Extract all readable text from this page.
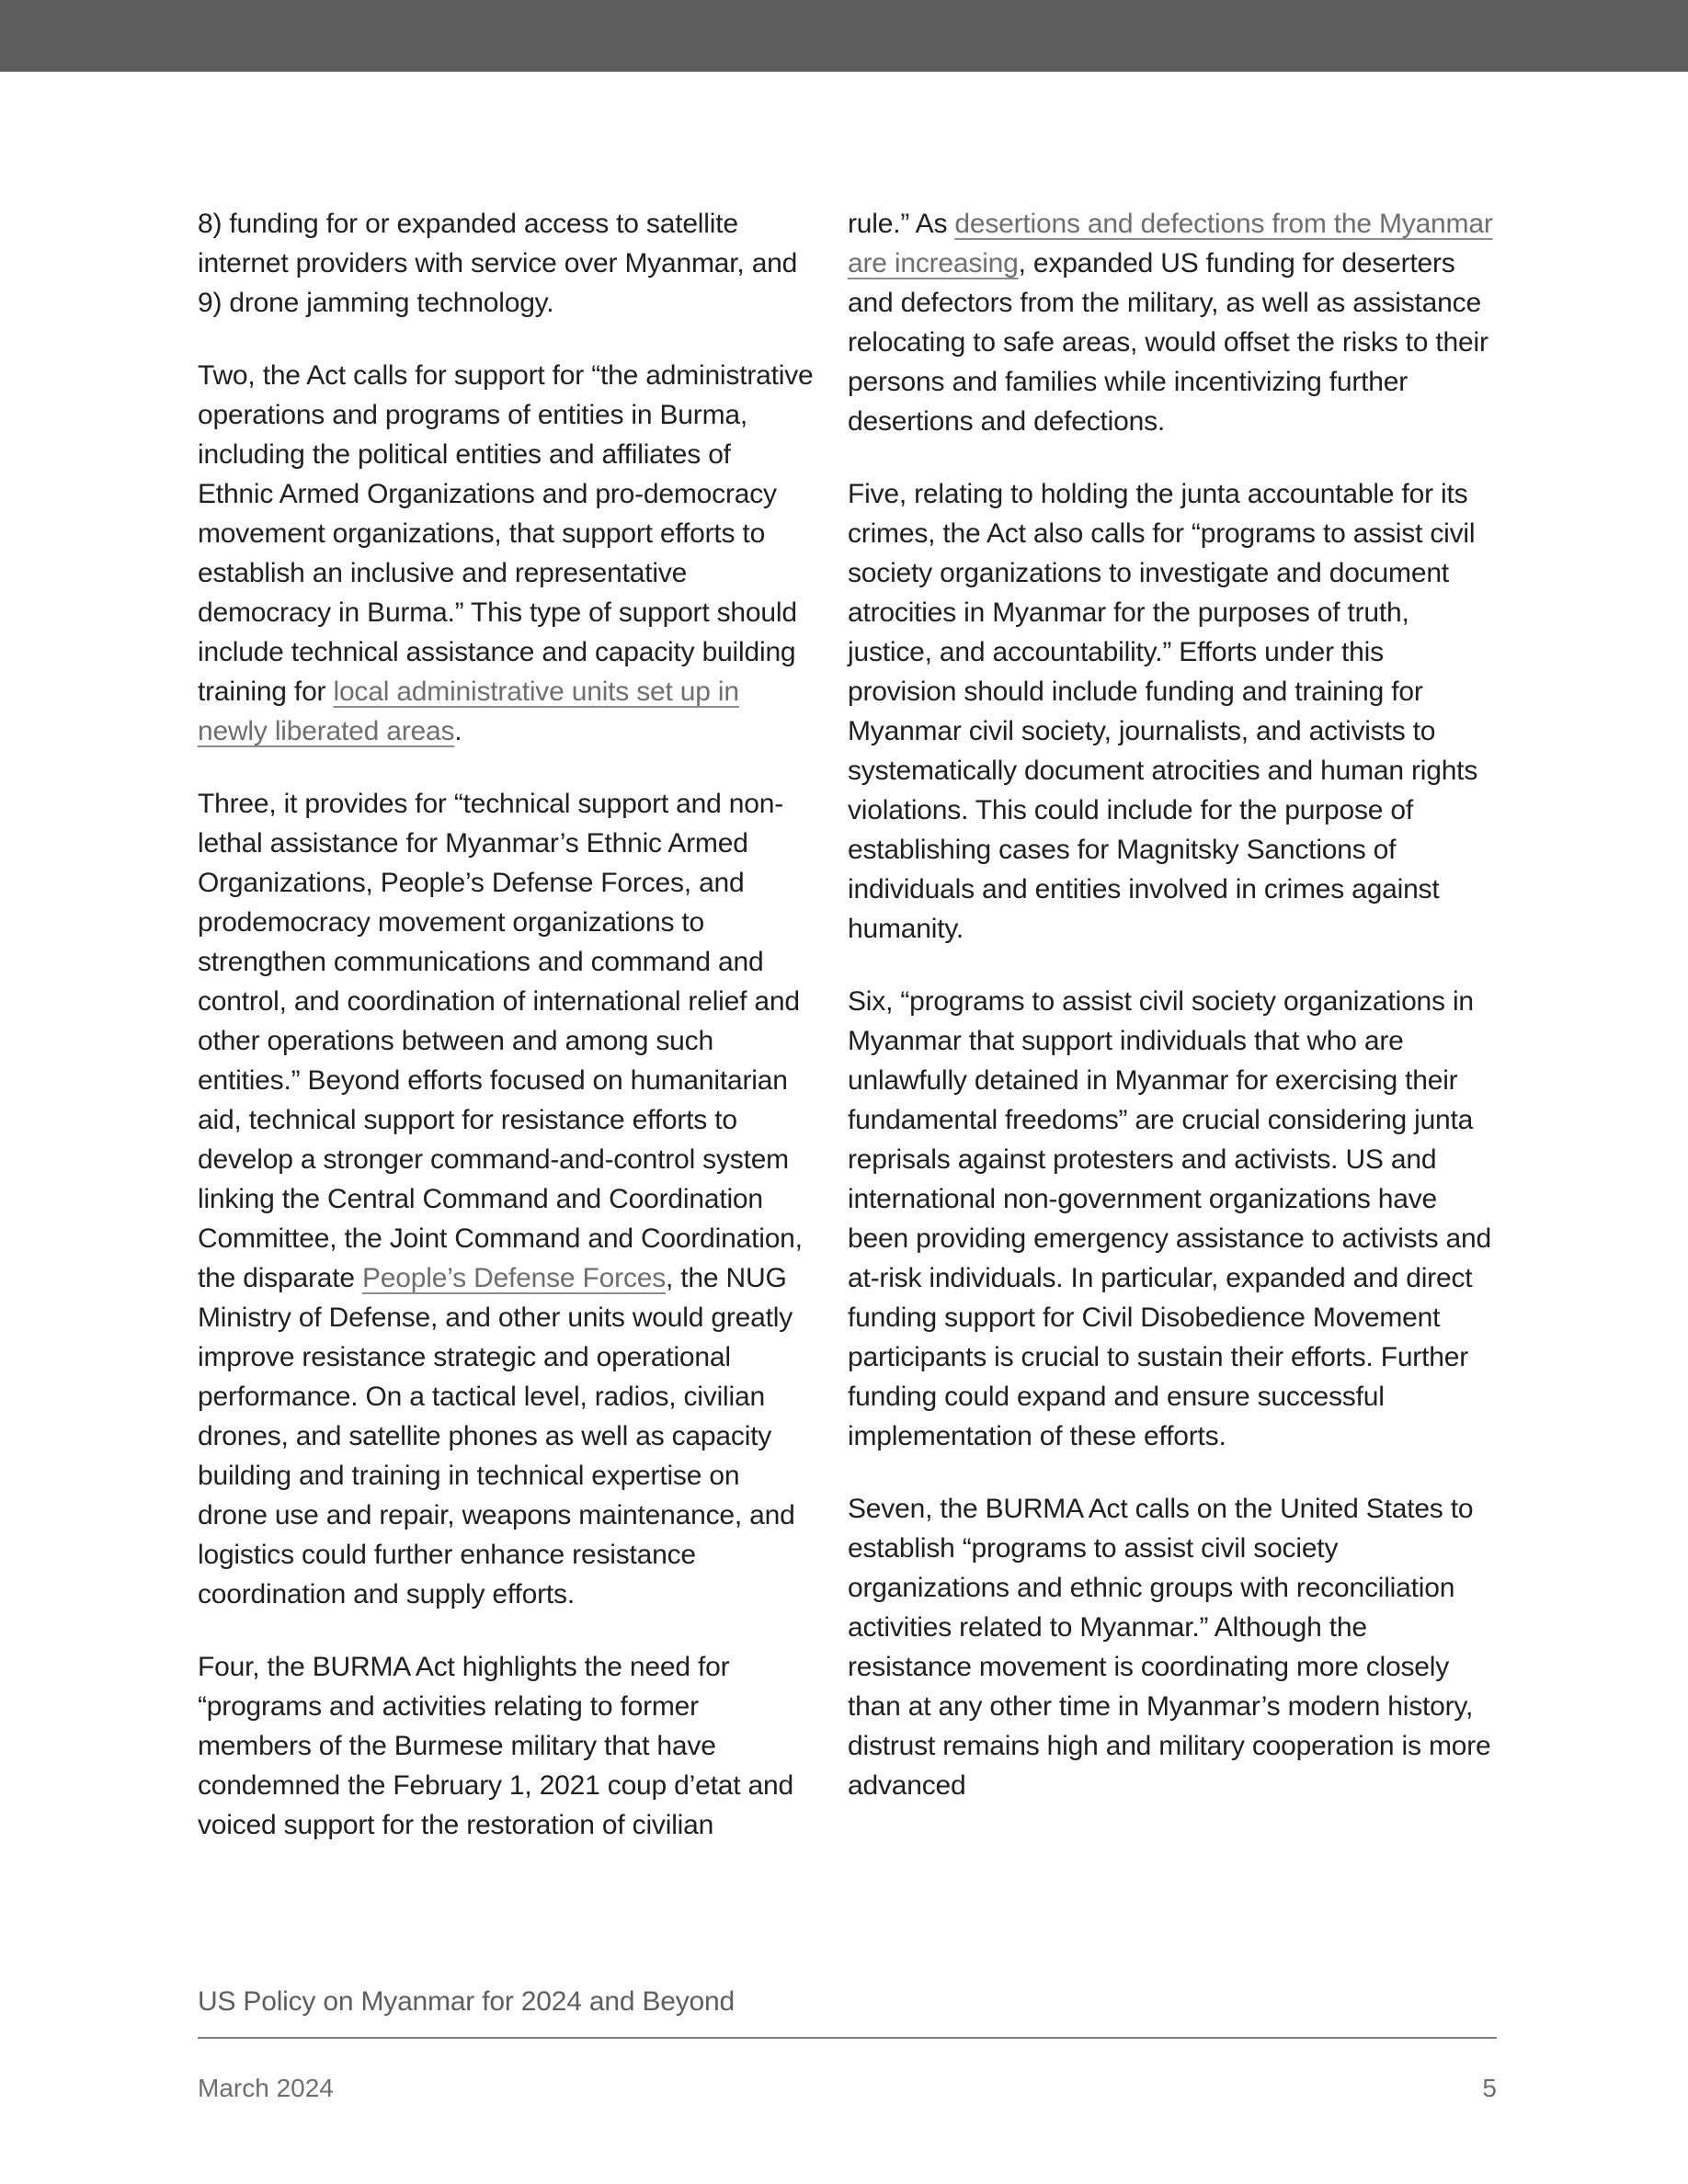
8) funding for or expanded access to satellite internet providers with service over Myanmar, and 9) drone jamming technology.

Two, the Act calls for support for “the administrative operations and programs of entities in Burma, including the political entities and affiliates of Ethnic Armed Organizations and pro-democracy movement organizations, that support efforts to establish an inclusive and representative democracy in Burma.” This type of support should include technical assistance and capacity building training for local administrative units set up in newly liberated areas.

Three, it provides for “technical support and non-lethal assistance for Myanmar’s Ethnic Armed Organizations, People’s Defense Forces, and prodemocracy movement organizations to strengthen communications and command and control, and coordination of international relief and other operations between and among such entities.” Beyond efforts focused on humanitarian aid, technical support for resistance efforts to develop a stronger command-and-control system linking the Central Command and Coordination Committee, the Joint Command and Coordination, the disparate People’s Defense Forces, the NUG Ministry of Defense, and other units would greatly improve resistance strategic and operational performance. On a tactical level, radios, civilian drones, and satellite phones as well as capacity building and training in technical expertise on drone use and repair, weapons maintenance, and logistics could further enhance resistance coordination and supply efforts.

Four, the BURMA Act highlights the need for “programs and activities relating to former members of the Burmese military that have condemned the February 1, 2021 coup d’etat and voiced support for the restoration of civilian

rule.” As desertions and defections from the Myanmar are increasing, expanded US funding for deserters and defectors from the military, as well as assistance relocating to safe areas, would offset the risks to their persons and families while incentivizing further desertions and defections.

Five, relating to holding the junta accountable for its crimes, the Act also calls for “programs to assist civil society organizations to investigate and document atrocities in Myanmar for the purposes of truth, justice, and accountability.” Efforts under this provision should include funding and training for Myanmar civil society, journalists, and activists to systematically document atrocities and human rights violations. This could include for the purpose of establishing cases for Magnitsky Sanctions of individuals and entities involved in crimes against humanity.

Six, “programs to assist civil society organizations in Myanmar that support individuals that who are unlawfully detained in Myanmar for exercising their fundamental freedoms” are crucial considering junta reprisals against protesters and activists. US and international non-government organizations have been providing emergency assistance to activists and at-risk individuals. In particular, expanded and direct funding support for Civil Disobedience Movement participants is crucial to sustain their efforts. Further funding could expand and ensure successful implementation of these efforts.

Seven, the BURMA Act calls on the United States to establish “programs to assist civil society organizations and ethnic groups with reconciliation activities related to Myanmar.” Although the resistance movement is coordinating more closely than at any other time in Myanmar’s modern history, distrust remains high and military cooperation is more advanced

US Policy on Myanmar for 2024 and Beyond
March 2024	5
